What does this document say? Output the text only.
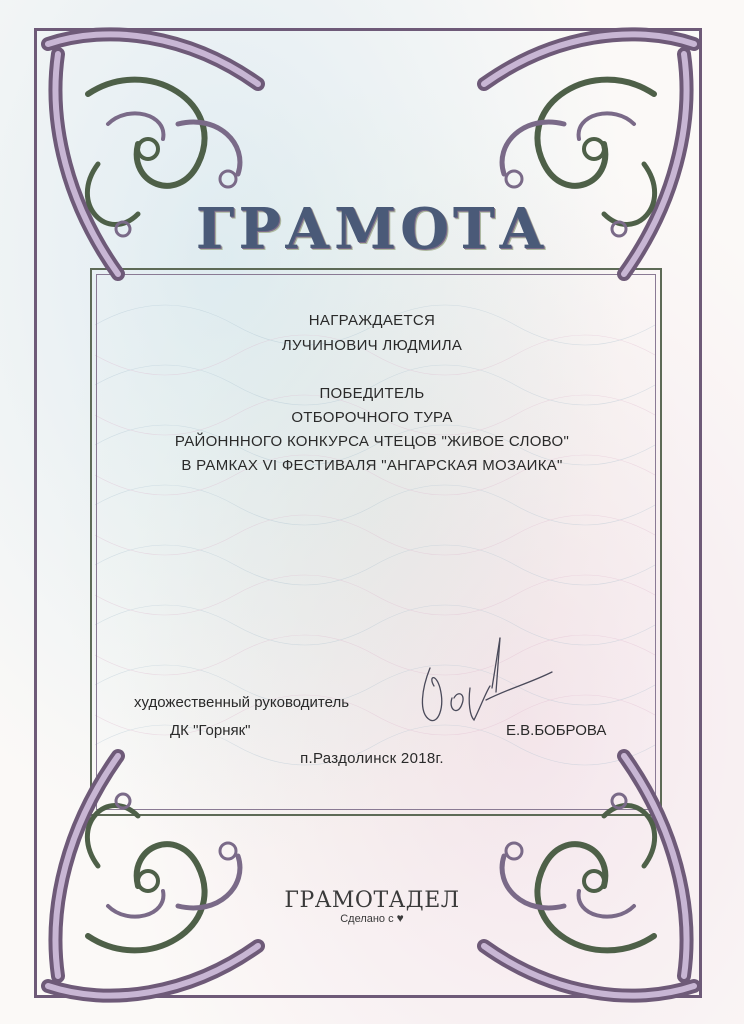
ГРАМОТА
НАГРАЖДАЕТСЯ
ЛУЧИНОВИЧ ЛЮДМИЛА
ПОБЕДИТЕЛЬ
ОТБОРОЧНОГО ТУРА
РАЙОНННОГО КОНКУРСА ЧТЕЦОВ "ЖИВОЕ СЛОВО"
В РАМКАХ VI ФЕСТИВАЛЯ "АНГАРСКАЯ МОЗАИКА"
художественный руководитель
ДК "Горняк"	Е.В.БОБРОВА
п.Раздолинск 2018г.
ГРАМОТАДЕЛ
Сделано с ♥
